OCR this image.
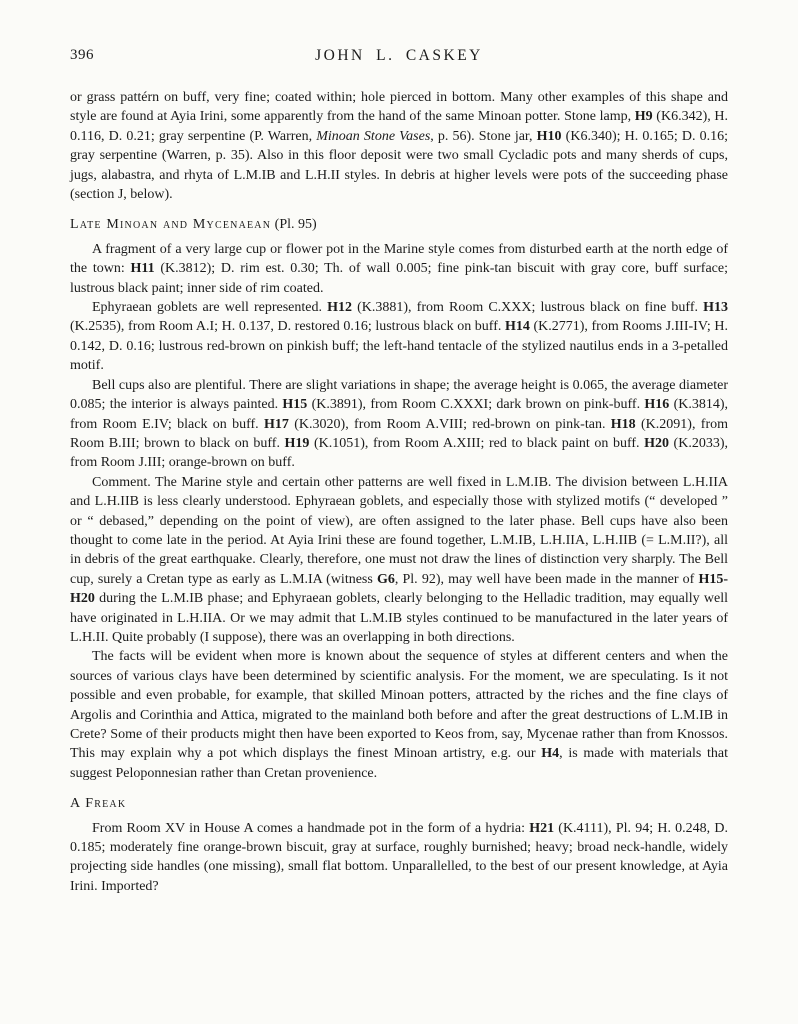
396	JOHN L. CASKEY

or grass pattérn on buff, very fine; coated within; hole pierced in bottom. Many other examples of this shape and style are found at Ayia Irini, some apparently from the hand of the same Minoan potter. Stone lamp, H9 (K6.342), H. 0.116, D. 0.21; gray serpentine (P. Warren, Minoan Stone Vases, p. 56). Stone jar, H10 (K6.340); H. 0.165; D. 0.16; gray serpentine (Warren, p. 35). Also in this floor deposit were two small Cycladic pots and many sherds of cups, jugs, alabastra, and rhyta of L.M.IB and L.H.II styles. In debris at higher levels were pots of the succeeding phase (section J, below).

Late Minoan and Mycenaean (Pl. 95)

A fragment of a very large cup or flower pot in the Marine style comes from disturbed earth at the north edge of the town: H11 (K.3812); D. rim est. 0.30; Th. of wall 0.005; fine pink-tan biscuit with gray core, buff surface; lustrous black paint; inner side of rim coated.

Ephyraean goblets are well represented. H12 (K.3881), from Room C.XXX; lustrous black on fine buff. H13 (K.2535), from Room A.I; H. 0.137, D. restored 0.16; lustrous black on buff. H14 (K.2771), from Rooms J.III-IV; H. 0.142, D. 0.16; lustrous red-brown on pinkish buff; the left-hand tentacle of the stylized nautilus ends in a 3-petalled motif.

Bell cups also are plentiful. There are slight variations in shape; the average height is 0.065, the average diameter 0.085; the interior is always painted. H15 (K.3891), from Room C.XXXI; dark brown on pink-buff. H16 (K.3814), from Room E.IV; black on buff. H17 (K.3020), from Room A.VIII; red-brown on pink-tan. H18 (K.2091), from Room B.III; brown to black on buff. H19 (K.1051), from Room A.XIII; red to black paint on buff. H20 (K.2033), from Room J.III; orange-brown on buff.

Comment. The Marine style and certain other patterns are well fixed in L.M.IB. The division between L.H.IIA and L.H.IIB is less clearly understood. Ephyraean goblets, and especially those with stylized motifs (“ developed ” or “ debased,” depending on the point of view), are often assigned to the later phase. Bell cups have also been thought to come late in the period. At Ayia Irini these are found together, L.M.IB, L.H.IIA, L.H.IIB (= L.M.II?), all in debris of the great earthquake. Clearly, therefore, one must not draw the lines of distinction very sharply. The Bell cup, surely a Cretan type as early as L.M.IA (witness G6, Pl. 92), may well have been made in the manner of H15-H20 during the L.M.IB phase; and Ephyraean goblets, clearly belonging to the Helladic tradition, may equally well have originated in L.H.IIA. Or we may admit that L.M.IB styles continued to be manufactured in the later years of L.H.II. Quite probably (I suppose), there was an overlapping in both directions.

The facts will be evident when more is known about the sequence of styles at different centers and when the sources of various clays have been determined by scientific analysis. For the moment, we are speculating. Is it not possible and even probable, for example, that skilled Minoan potters, attracted by the riches and the fine clays of Argolis and Corinthia and Attica, migrated to the mainland both before and after the great destructions of L.M.IB in Crete? Some of their products might then have been exported to Keos from, say, Mycenae rather than from Knossos. This may explain why a pot which displays the finest Minoan artistry, e.g. our H4, is made with materials that suggest Peloponnesian rather than Cretan provenience.

A Freak

From Room XV in House A comes a handmade pot in the form of a hydria: H21 (K.4111), Pl. 94; H. 0.248, D. 0.185; moderately fine orange-brown biscuit, gray at surface, roughly burnished; heavy; broad neck-handle, widely projecting side handles (one missing), small flat bottom. Unparallelled, to the best of our present knowledge, at Ayia Irini. Imported?
